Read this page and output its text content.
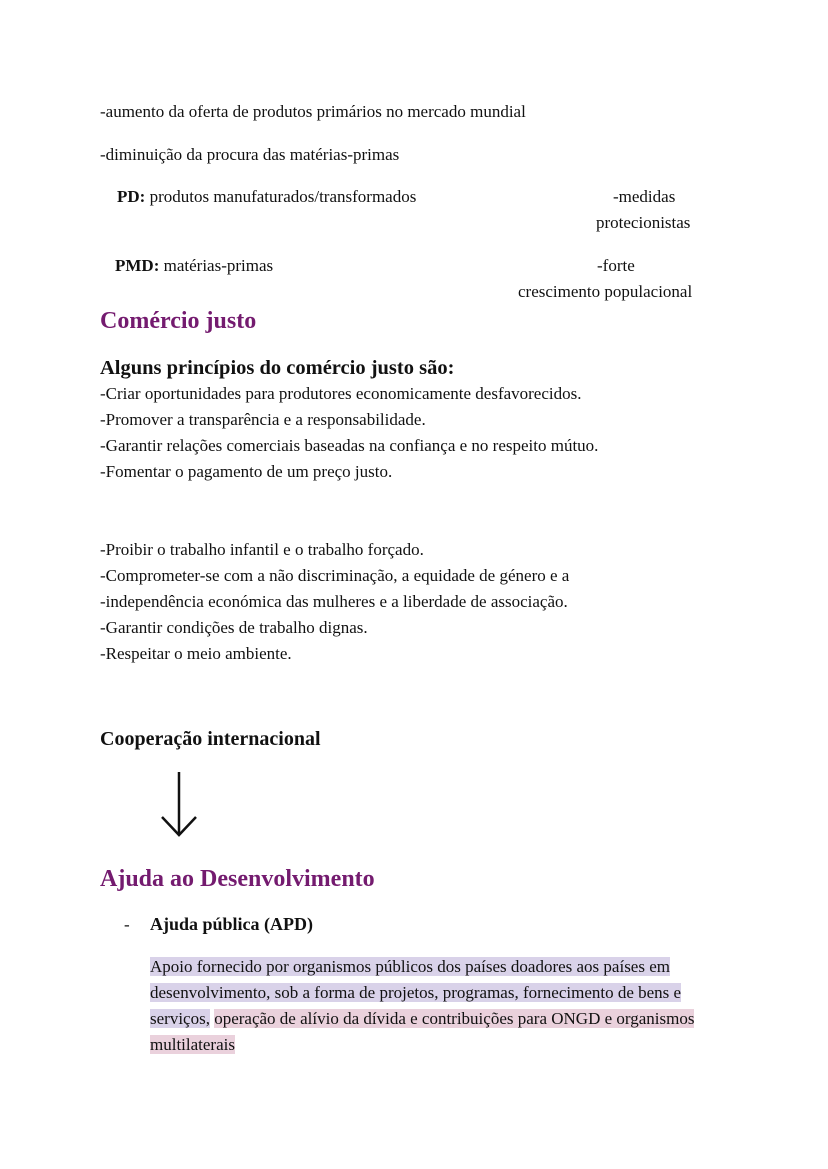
-aumento da oferta de produtos primários no mercado mundial
-diminuição da procura das matérias-primas
PD: produtos manufaturados/transformados	-medidas
protecionistas
PMD: matérias-primas	-forte
crescimento populacional
Comércio justo
Alguns princípios do comércio justo são:
-Criar oportunidades para produtores economicamente desfavorecidos.
-Promover a transparência e a responsabilidade.
-Garantir relações comerciais baseadas na confiança e no respeito mútuo.
-Fomentar o pagamento de um preço justo.
-Proibir o trabalho infantil e o trabalho forçado.
-Comprometer-se com a não discriminação, a equidade de género e a
-independência económica das mulheres e a liberdade de associação.
-Garantir condições de trabalho dignas.
-Respeitar o meio ambiente.
Cooperação internacional
Ajuda ao Desenvolvimento
- Ajuda pública (APD)
Apoio fornecido por organismos públicos dos países doadores aos países em desenvolvimento, sob a forma de projetos, programas, fornecimento de bens e serviços, operação de alívio da dívida e contribuições para ONGD e organismos multilaterais
